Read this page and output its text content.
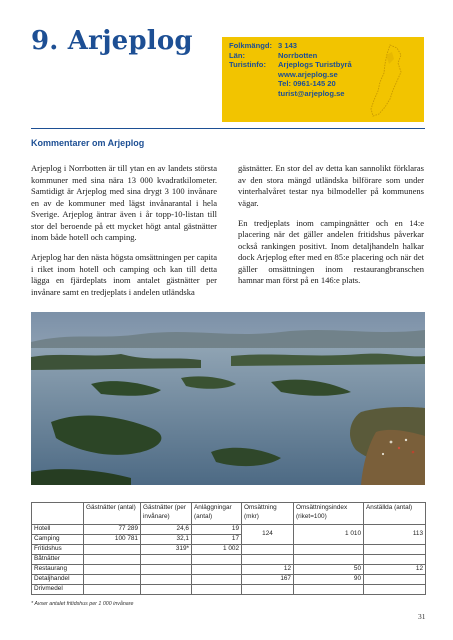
9. Arjeplog	Folkmängd:	3 143
Län:	Norrbotten
Turistinfo:	Arjeplogs Turistbyrå
	www.arjeplog.se
	Tel: 0961-145 20
	turist@arjeplog.se
Kommentarer om Arjeplog

Arjeplog i Norrbotten är till ytan en av landets största kommuner med sina nära 13 000 kvadratkilometer. Samtidigt är Arjeplog med sina drygt 3 100 invånare en av de kommuner med lägst invånarantal i hela Sverige. Arjeplog äntrar även i år topp-10-listan till stor del beroende på ett mycket högt antal gästnätter inom både hotell och camping.

Arjeplog har den nästa högsta omsättningen per capita i riket inom hotell och camping och kan till detta lägga en fjärdeplats inom antalet gästnätter per invånare samt en tredjeplats i andelen utländska

gästnätter. En stor del av detta kan sannolikt förklaras av den stora mängd utländska bilförare som under vinterhalvåret testar nya bilmodeller på kommunens vägar.

En tredjeplats inom campingnätter och en 14:e placering när det gäller andelen fritidshus påverkar också rankingen positivt. Inom detaljhandeln halkar dock Arjeplog efter med en 85:e placering och när det gäller omsättningen inom restaurangbranschen hamnar man först på en 146:e plats.

	Gästnätter (antal)	Gästnätter (per invånare)	Anläggningar (antal)	Omsättning (mkr)	Omsättningsindex (riket=100)	Anställda (antal)
Hotell	77 289	24,6	19	124	1 010	113
Camping	100 781	32,1	17			
Fritidshus		319*	1 002			
Båtnätter						
Restaurang				12	50	12
Detaljhandel				167	90	
Drivmedel						

* Avser antalet fritidshus per 1 000 invånare

31
